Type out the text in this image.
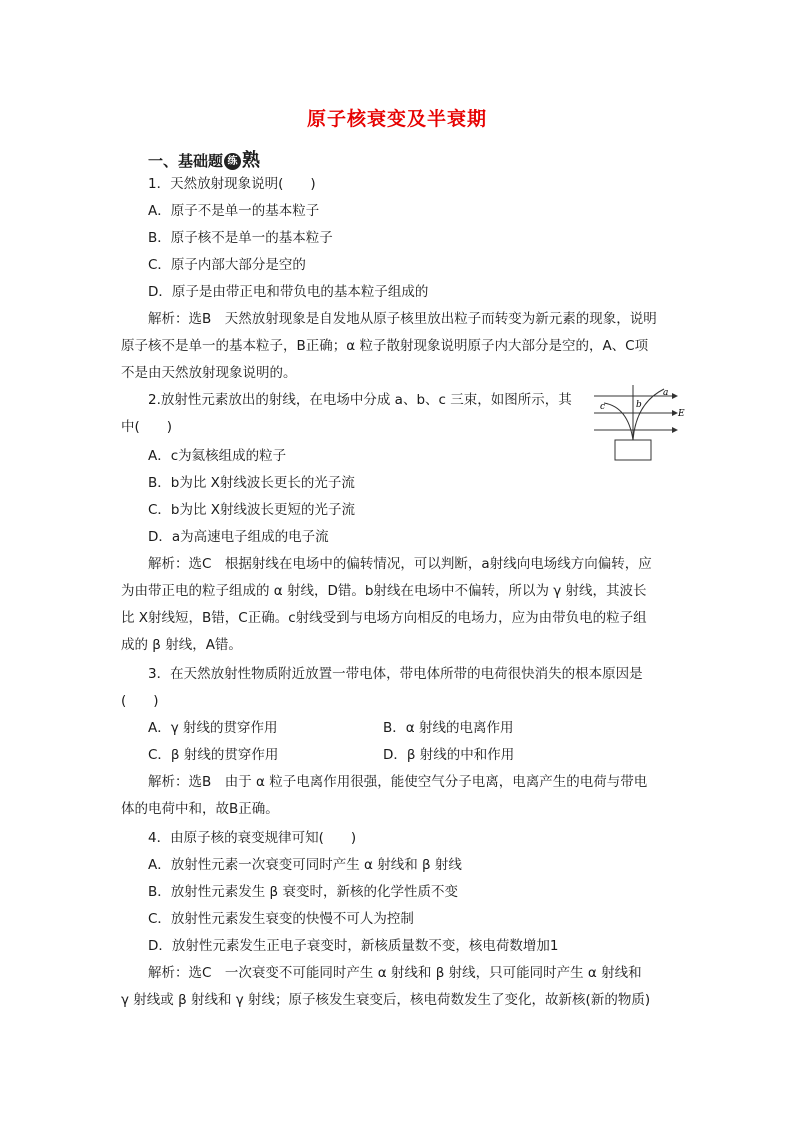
原子核衰变及半衰期
一、基础题 练 熟
1．天然放射现象说明(　　)
A．原子不是单一的基本粒子
B．原子核不是单一的基本粒子
C．原子内部大部分是空的
D．原子是由带正电和带负电的基本粒子组成的
解析：选B　天然放射现象是自发地从原子核里放出粒子而转变为新元素的现象，说明
原子核不是单一的基本粒子，B正确；α 粒子散射现象说明原子内大部分是空的，A、C项
不是由天然放射现象说明的。
2.放射性元素放出的射线，在电场中分成 a、b、c 三束，如图所示，其
中(　　)
a
b
c
E
A．c为氦核组成的粒子
B．b为比 X射线波长更长的光子流
C．b为比 X射线波长更短的光子流
D．a为高速电子组成的电子流
解析：选C　根据射线在电场中的偏转情况，可以判断，a射线向电场线方向偏转，应
为由带正电的粒子组成的 α 射线，D错。b射线在电场中不偏转，所以为 γ 射线，其波长
比 X射线短，B错，C正确。c射线受到与电场方向相反的电场力，应为由带负电的粒子组
成的 β 射线，A错。
3．在天然放射性物质附近放置一带电体，带电体所带的电荷很快消失的根本原因是
(　　)
A．γ 射线的贯穿作用	B．α 射线的电离作用
C．β 射线的贯穿作用	D．β 射线的中和作用
解析：选B　由于 α 粒子电离作用很强，能使空气分子电离，电离产生的电荷与带电
体的电荷中和，故B正确。
4．由原子核的衰变规律可知(　　)
A．放射性元素一次衰变可同时产生 α 射线和 β 射线
B．放射性元素发生 β 衰变时，新核的化学性质不变
C．放射性元素发生衰变的快慢不可人为控制
D．放射性元素发生正电子衰变时，新核质量数不变，核电荷数增加1
解析：选C　一次衰变不可能同时产生 α 射线和 β 射线，只可能同时产生 α 射线和
γ 射线或 β 射线和 γ 射线；原子核发生衰变后，核电荷数发生了变化，故新核(新的物质)
